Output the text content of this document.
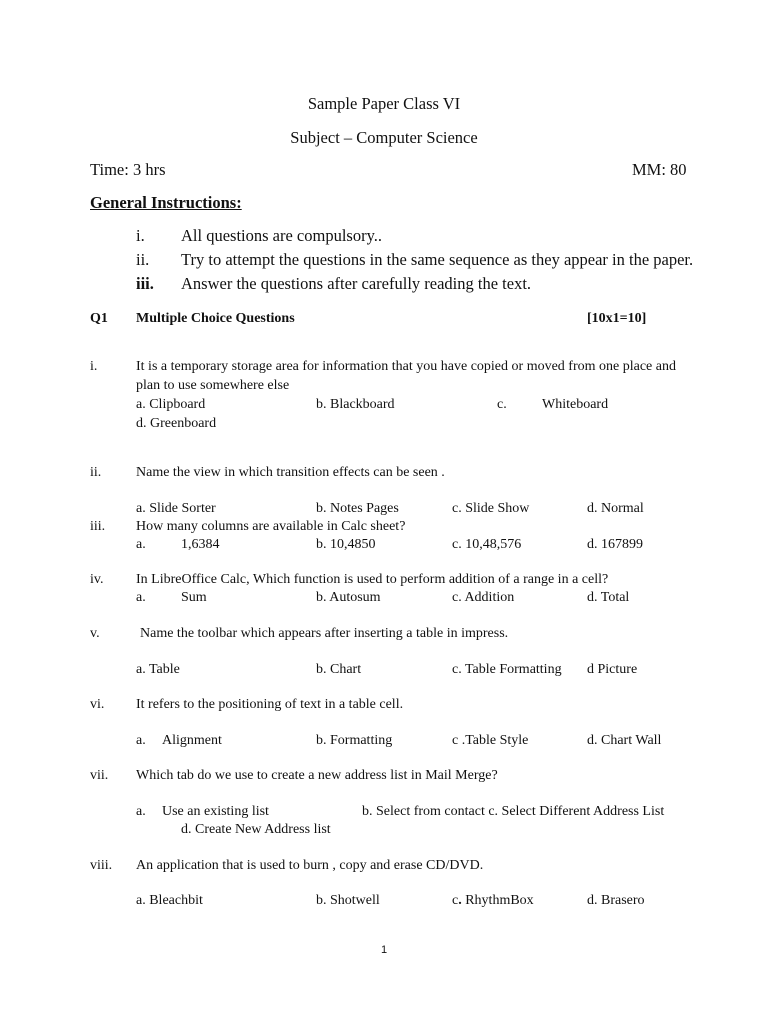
Sample Paper Class VI
Subject – Computer Science
Time: 3 hrs	MM: 80
General Instructions:
i. All questions are compulsory..
ii. Try to attempt the questions in the same sequence as they appear in the paper.
iii. Answer the questions after carefully reading the text.
Q1 Multiple Choice Questions	[10x1=10]
i.	It is a temporary storage area for information that you have copied or moved from one place and
plan to use somewhere else
a. Clipboard	b. Blackboard	c.	Whiteboard
d. Greenboard
ii. Name the view in which transition effects can be seen .
a. Slide Sorter	b. Notes Pages	c. Slide Show	d. Normal
iii. How many columns are available in Calc sheet?
a.	1,6384	b. 10,4850	c. 10,48,576	d. 167899
iv. In LibreOffice Calc, Which function is used to perform addition of a range in a cell?
a.	Sum	b. Autosum	c. Addition	d. Total
v.	Name the toolbar which appears after inserting a table in impress.
a. Table	b. Chart	c. Table Formatting d Picture
vi. It refers to the positioning of text in a table cell.
a. Alignment	b. Formatting	c .Table Style	d. Chart Wall
vii. Which tab do we use to create a new address list in Mail Merge?
a. Use an existing list	b. Select from contact c. Select Different Address List
d. Create New Address list
viii. An application that is used to burn , copy and erase CD/DVD.
a. Bleachbit	b. Shotwell	c. RhythmBox	d. Brasero
1
